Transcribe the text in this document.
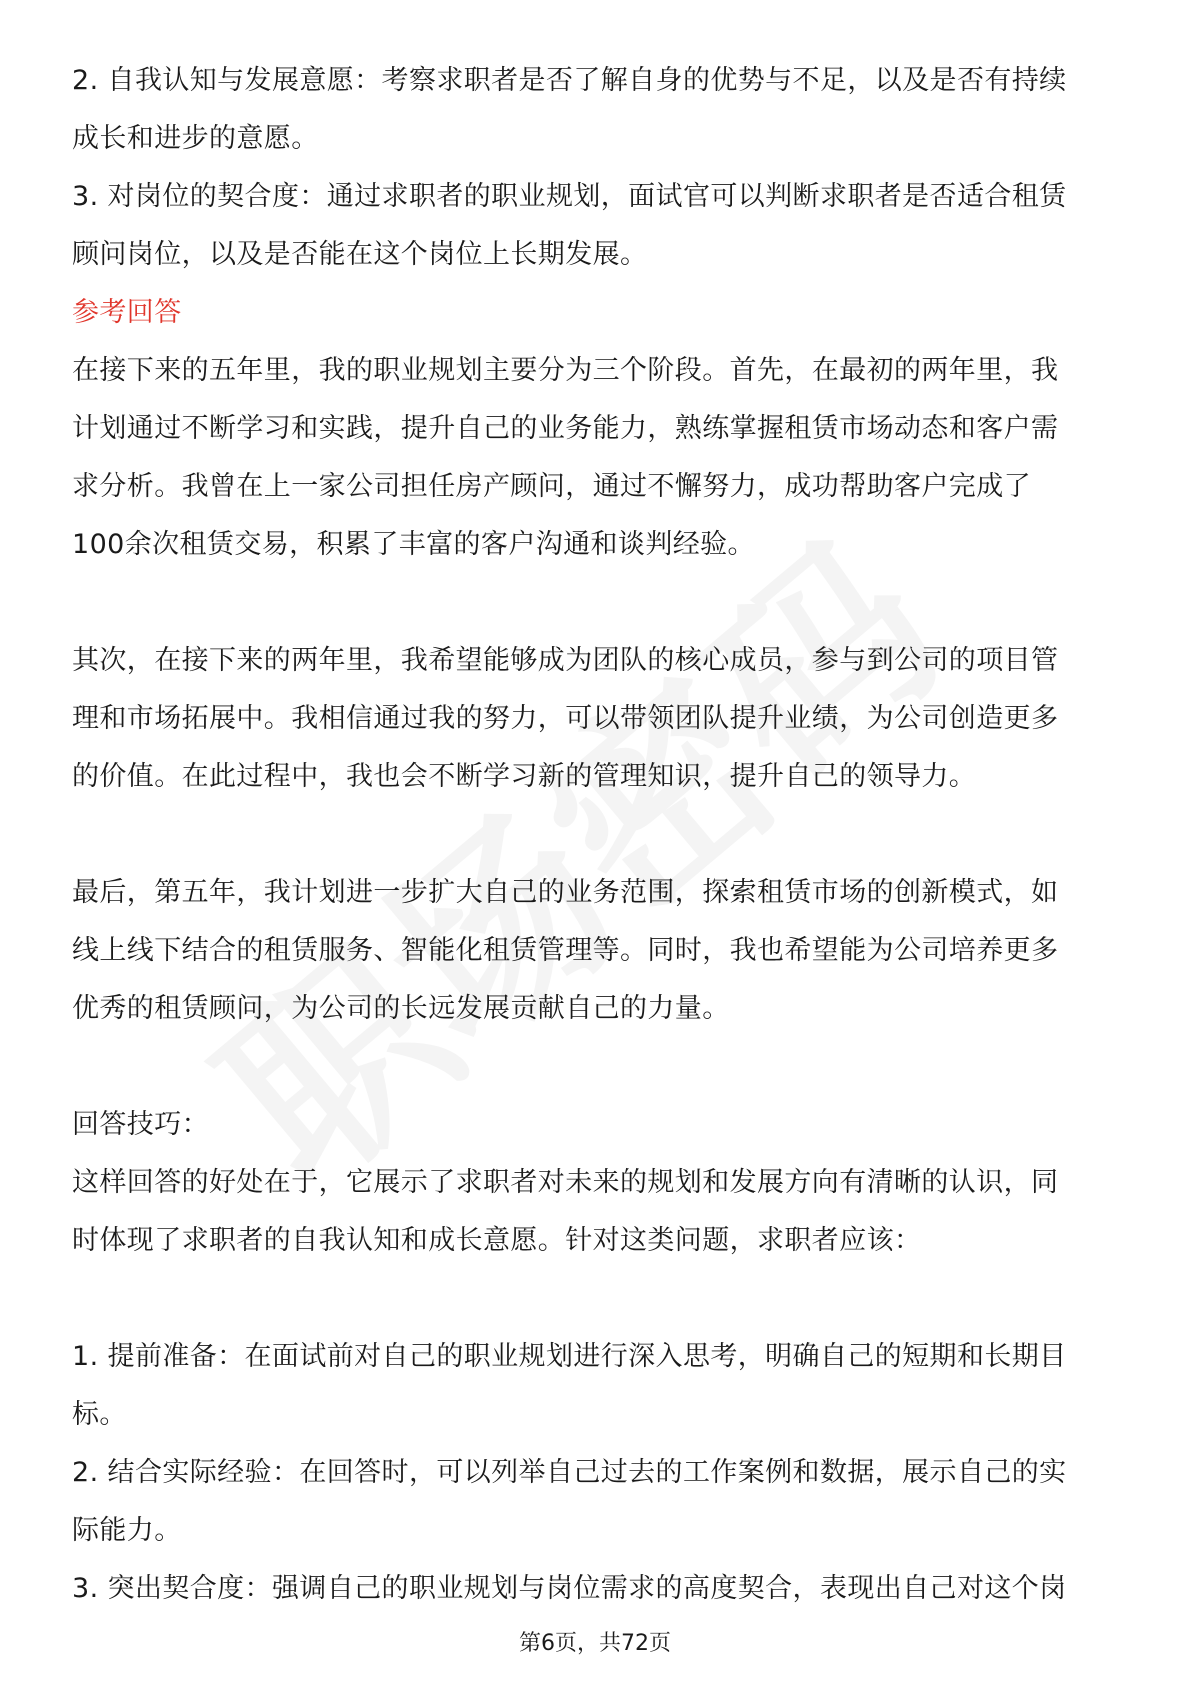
2. 自我认知与发展意愿：考察求职者是否了解自身的优势与不足，以及是否有持续
成长和进步的意愿。
3. 对岗位的契合度：通过求职者的职业规划，面试官可以判断求职者是否适合租赁
顾问岗位，以及是否能在这个岗位上长期发展。
参考回答
在接下来的五年里，我的职业规划主要分为三个阶段。首先，在最初的两年里，我
计划通过不断学习和实践，提升自己的业务能力，熟练掌握租赁市场动态和客户需
求分析。我曾在上一家公司担任房产顾问，通过不懈努力，成功帮助客户完成了
100余次租赁交易，积累了丰富的客户沟通和谈判经验。
其次，在接下来的两年里，我希望能够成为团队的核心成员，参与到公司的项目管
理和市场拓展中。我相信通过我的努力，可以带领团队提升业绩，为公司创造更多
的价值。在此过程中，我也会不断学习新的管理知识，提升自己的领导力。
最后，第五年，我计划进一步扩大自己的业务范围，探索租赁市场的创新模式，如
线上线下结合的租赁服务、智能化租赁管理等。同时，我也希望能为公司培养更多
优秀的租赁顾问，为公司的长远发展贡献自己的力量。
回答技巧：
这样回答的好处在于，它展示了求职者对未来的规划和发展方向有清晰的认识，同
时体现了求职者的自我认知和成长意愿。针对这类问题，求职者应该：
1. 提前准备：在面试前对自己的职业规划进行深入思考，明确自己的短期和长期目
标。
2. 结合实际经验：在回答时，可以列举自己过去的工作案例和数据，展示自己的实
际能力。
3. 突出契合度：强调自己的职业规划与岗位需求的高度契合，表现出自己对这个岗
第6页，共72页
